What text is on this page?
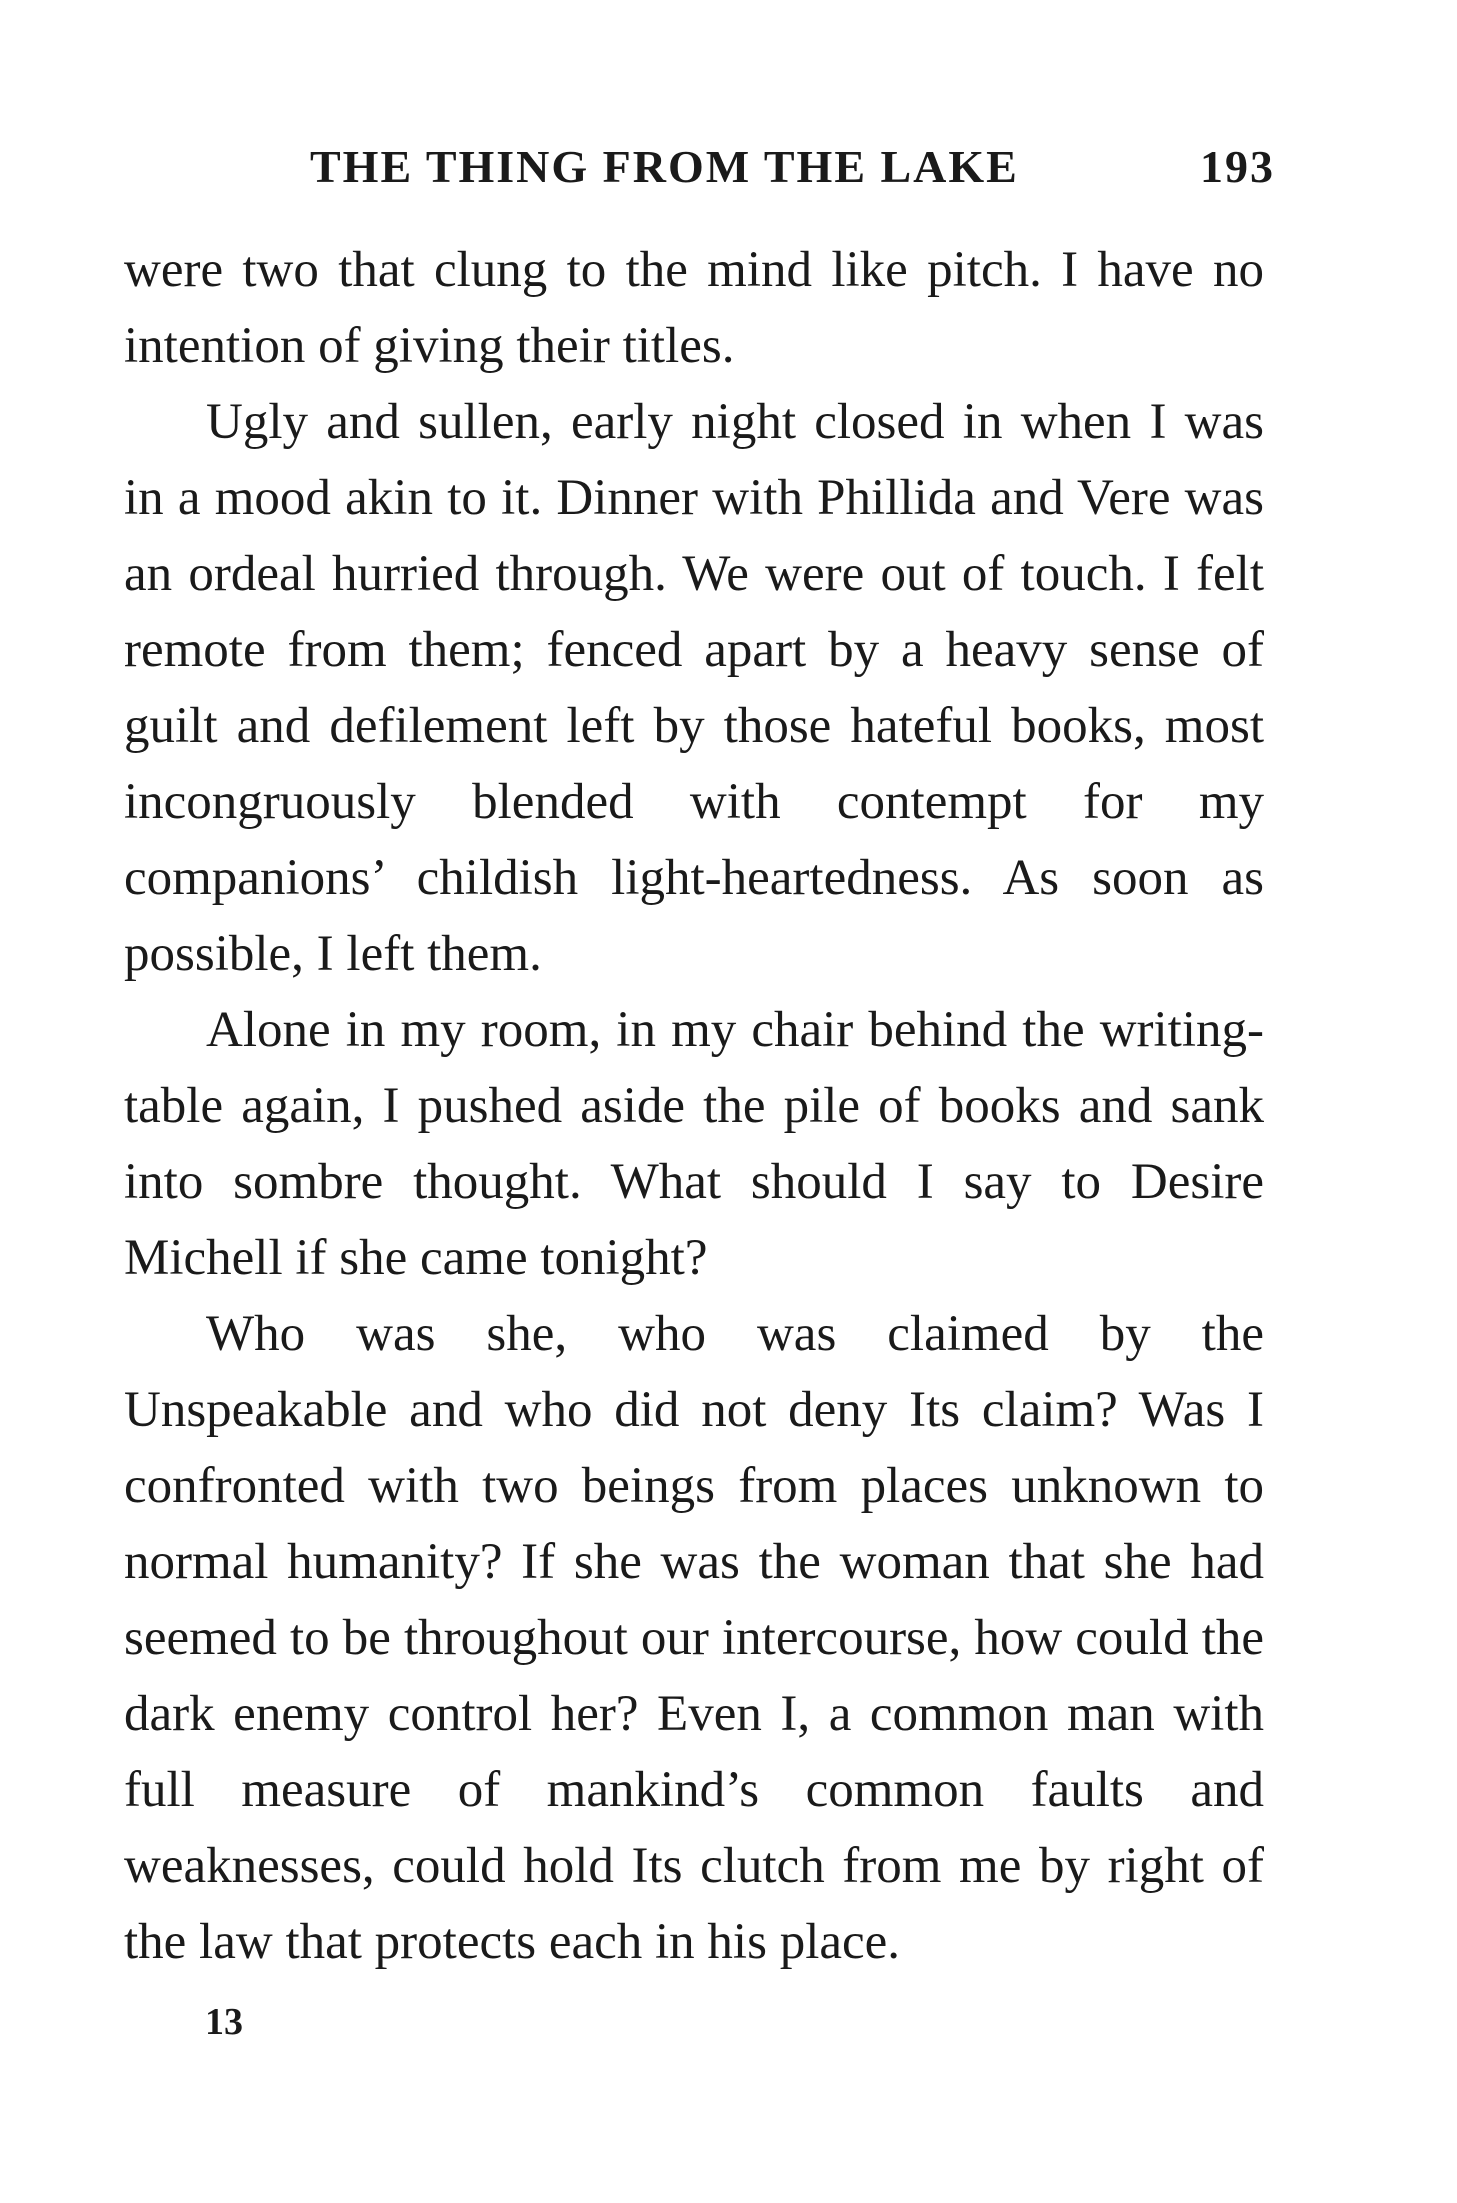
THE THING FROM THE LAKE	193

were two that clung to the mind like pitch. I have no intention of giving their titles.

Ugly and sullen, early night closed in when I was in a mood akin to it. Dinner with Phillida and Vere was an ordeal hurried through. We were out of touch. I felt remote from them; fenced apart by a heavy sense of guilt and defilement left by those hateful books, most incongruously blended with contempt for my companions’ childish light-heartedness. As soon as possible, I left them.

Alone in my room, in my chair behind the writing-table again, I pushed aside the pile of books and sank into sombre thought. What should I say to Desire Michell if she came tonight?

Who was she, who was claimed by the Unspeakable and who did not deny Its claim? Was I confronted with two beings from places unknown to normal humanity? If she was the woman that she had seemed to be throughout our intercourse, how could the dark enemy control her? Even I, a common man with full measure of mankind’s common faults and weaknesses, could hold Its clutch from me by right of the law that protects each in his place.

13
